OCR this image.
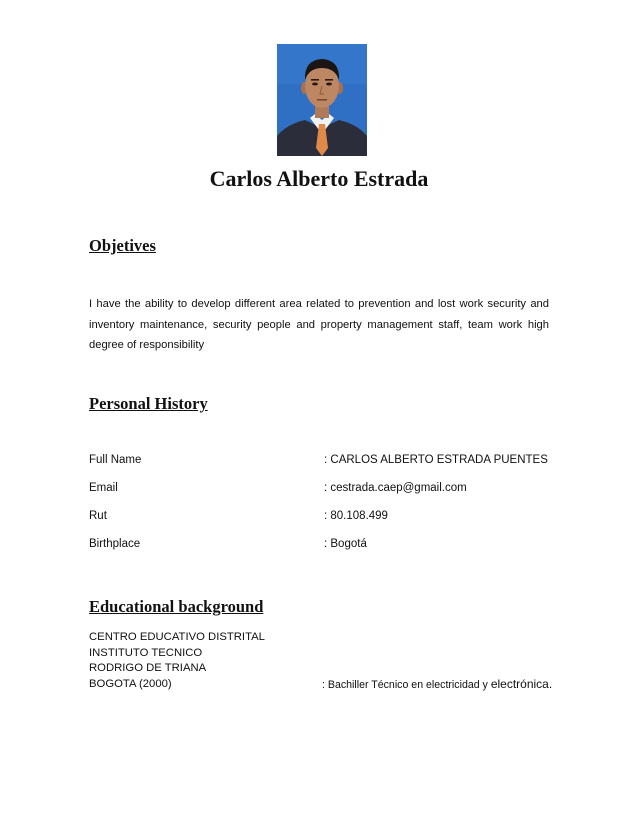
Carlos Alberto Estrada
Objetives

I have the ability to develop different area related to prevention and lost work security and inventory maintenance, security people and property management staff, team work high degree of responsibility

Personal History
Full Name	: CARLOS ALBERTO ESTRADA PUENTES
Email	: cestrada.caep@gmail.com
Rut	: 80.108.499
Birthplace	: Bogotá
Educational background

CENTRO EDUCATIVO DISTRITAL

INSTITUTO TECNICO

RODRIGO DE TRIANA

BOGOTA (2000)	: Bachiller Técnico en electricidad y electrónica.
